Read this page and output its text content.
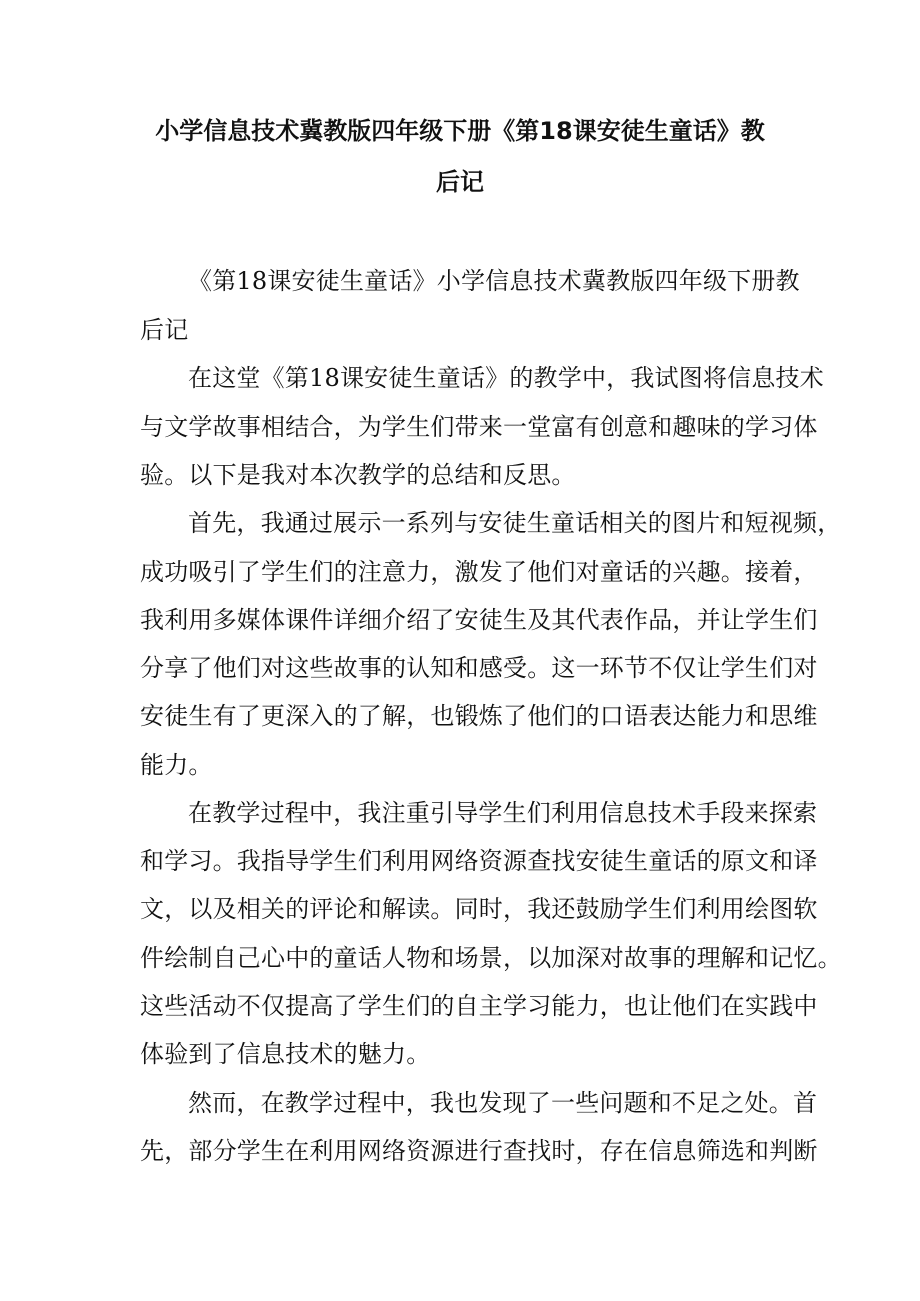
小学信息技术冀教版四年级下册《第18课安徒生童话》教
后记
《第18课安徒生童话》小学信息技术冀教版四年级下册教
后记
在这堂《第18课安徒生童话》的教学中，我试图将信息技术
与文学故事相结合，为学生们带来一堂富有创意和趣味的学习体
验。以下是我对本次教学的总结和反思。
首先，我通过展示一系列与安徒生童话相关的图片和短视频，
成功吸引了学生们的注意力，激发了他们对童话的兴趣。接着，
我利用多媒体课件详细介绍了安徒生及其代表作品，并让学生们
分享了他们对这些故事的认知和感受。这一环节不仅让学生们对
安徒生有了更深入的了解，也锻炼了他们的口语表达能力和思维
能力。
在教学过程中，我注重引导学生们利用信息技术手段来探索
和学习。我指导学生们利用网络资源查找安徒生童话的原文和译
文，以及相关的评论和解读。同时，我还鼓励学生们利用绘图软
件绘制自己心中的童话人物和场景，以加深对故事的理解和记忆。
这些活动不仅提高了学生们的自主学习能力，也让他们在实践中
体验到了信息技术的魅力。
然而，在教学过程中，我也发现了一些问题和不足之处。首
先，部分学生在利用网络资源进行查找时，存在信息筛选和判断
